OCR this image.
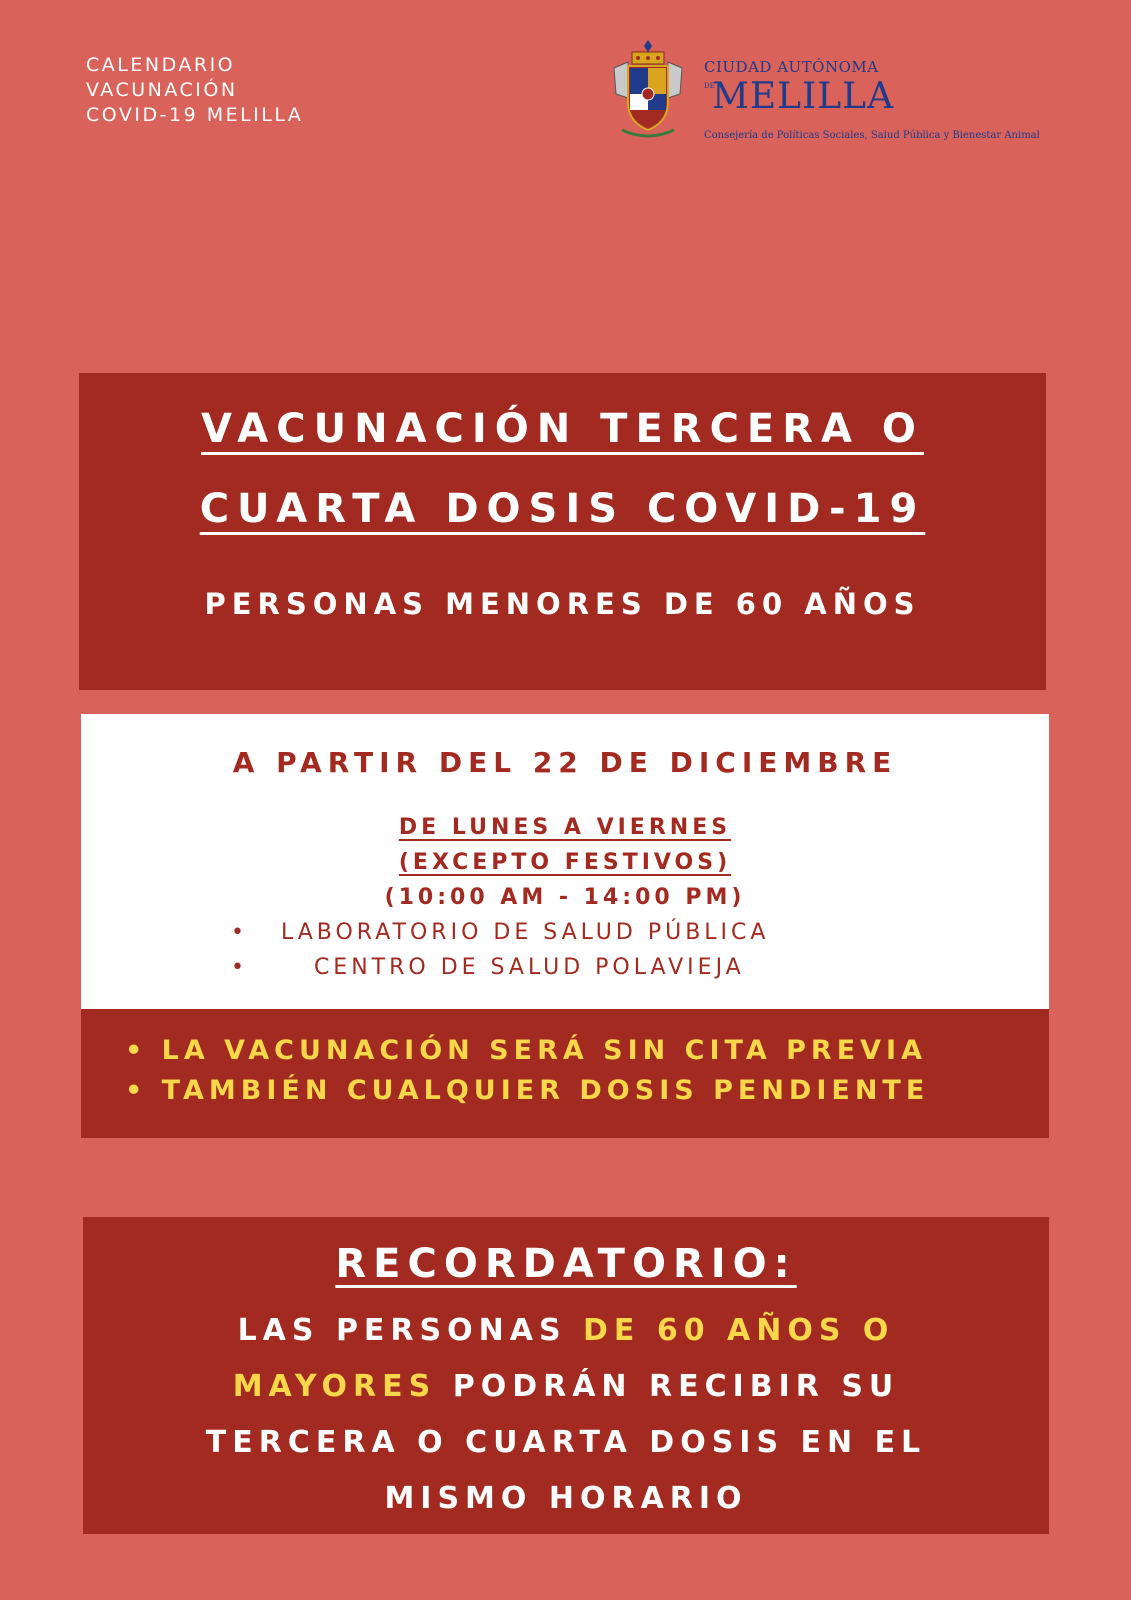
CALENDARIO
VACUNACIÓN
COVID-19 MELILLA
CIUDAD AUTÓNOMA
DE
MELILLA
Consejería de Políticas Sociales, Salud Pública y Bienestar Animal
VACUNACIÓN TERCERA O
CUARTA DOSIS COVID-19
PERSONAS MENORES DE 60 AÑOS
A PARTIR DEL 22 DE DICIEMBRE
DE LUNES A VIERNES
(EXCEPTO FESTIVOS)
(10:00 AM - 14:00 PM)
•   LABORATORIO DE SALUD PÚBLICA
•      CENTRO DE SALUD POLAVIEJA
• LA VACUNACIÓN SERÁ SIN CITA PREVIA
• TAMBIÉN CUALQUIER DOSIS PENDIENTE
RECORDATORIO:
LAS PERSONAS DE 60 AÑOS O
MAYORES PODRÁN RECIBIR SU
TERCERA O CUARTA DOSIS EN EL
MISMO HORARIO
